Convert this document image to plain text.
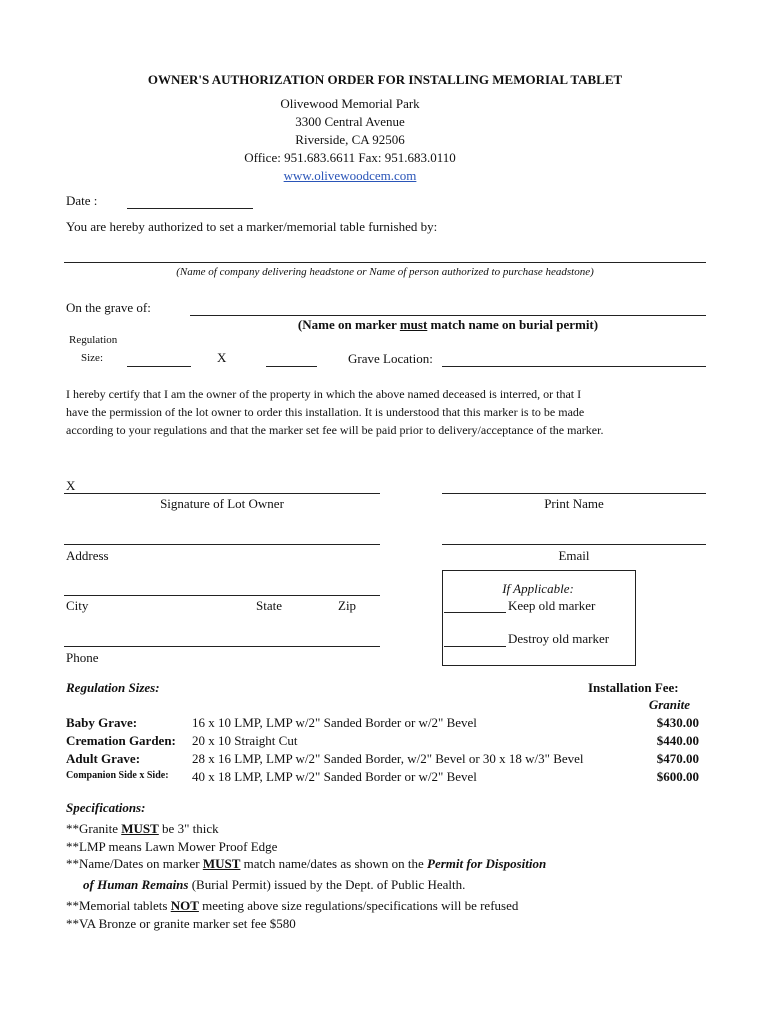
OWNER'S AUTHORIZATION ORDER FOR INSTALLING MEMORIAL TABLET
Olivewood Memorial Park
3300 Central Avenue
Riverside, CA 92506
Office: 951.683.6611 Fax: 951.683.0110
www.olivewoodcem.com
Date :
You are hereby authorized to set a marker/memorial table furnished by:
(Name of company delivering headstone or Name of person authorized to purchase headstone)
On the grave of:
(Name on marker must match name on burial permit)
Regulation
Size:	X	Grave Location:
I hereby certify that I am the owner of the property in which the above named deceased is interred, or that I
have the permission of the lot owner to order this installation. It is understood that this marker is to be made
according to your regulations and that the marker set fee will be paid prior to delivery/acceptance of the marker.
X
Signature of Lot Owner	Print Name
Address	Email
City	State	Zip
Phone
If Applicable:
Keep old marker
Destroy old marker
Regulation Sizes:	Installation Fee:
Granite
Baby Grave:	16 x 10 LMP, LMP w/2" Sanded Border or w/2" Bevel	$430.00
Cremation Garden: 20 x 10 Straight Cut	$440.00
Adult Grave:	28 x 16 LMP, LMP w/2" Sanded Border, w/2" Bevel or 30 x 18 w/3" Bevel	$470.00
Companion Side x Side: 40 x 18 LMP, LMP w/2" Sanded Border or w/2" Bevel	$600.00
Specifications:
**Granite MUST be 3" thick
**LMP means Lawn Mower Proof Edge
**Name/Dates on marker MUST match name/dates as shown on the Permit for Disposition
of Human Remains (Burial Permit) issued by the Dept. of Public Health.
**Memorial tablets NOT meeting above size regulations/specifications will be refused
**VA Bronze or granite marker set fee $580
